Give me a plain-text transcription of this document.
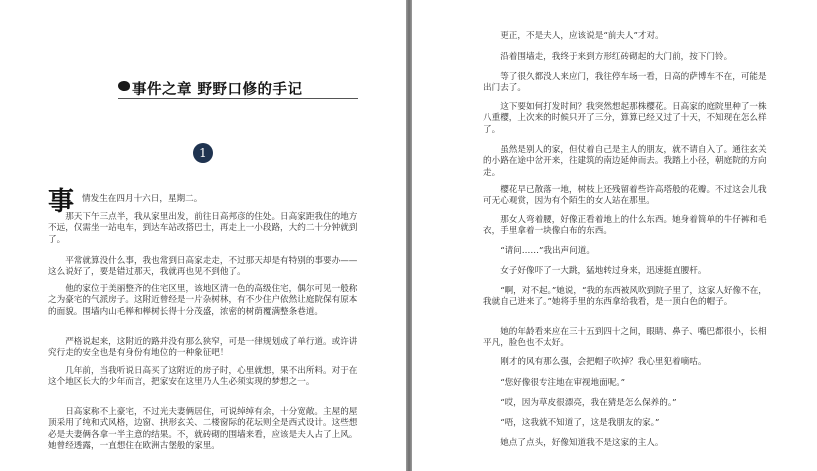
事件之章 野野口修的手记
1
事 情发生在四月十六日，星期二。

那天下午三点半，我从家里出发，前往日高邦彦的住处。日高家距我住的地方不远，仅需坐一站电车，到达车站改搭巴士，再走上一小段路，大约二十分钟就到了。

平常就算没什么事，我也常到日高家走走，不过那天却是有特别的事要办——这么说好了，要是错过那天，我就再也见不到他了。

他的家位于美丽整齐的住宅区里，该地区清一色的高级住宅，偶尔可见一般称之为豪宅的气派房子。这附近曾经是一片杂树林，有不少住户依然让庭院保有原本的面貌。围墙内山毛榉和榉树长得十分茂盛，浓密的树荫覆满整条巷道。

严格说起来，这附近的路并没有那么狭窄，可是一律规划成了单行道。或许讲究行走的安全也是有身份有地位的一种象征吧！

几年前，当我听说日高买了这附近的房子时，心里就想，果不出所料。对于在这个地区长大的少年而言，把家安在这里乃人生必须实现的梦想之一。

日高家称不上豪宅，不过光夫妻俩居住，可说绰绰有余，十分宽敞。主屋的屋顶采用了纯和式风格，边窗、拱形玄关、二楼窗际的花坛则全是西式设计。这些想必是夫妻俩各拿一半主意的结果。不，就砖砌的围墙来看，应该是夫人占了上风。她曾经透露，一直想住在欧洲古堡般的家里。

更正，不是夫人，应该说是“前夫人”才对。

沿着围墙走，我终于来到方形红砖砌起的大门前，按下门铃。

等了很久都没人来应门，我往停车场一看，日高的萨博车不在，可能是出门去了。

这下要如何打发时间？我突然想起那株樱花。日高家的庭院里种了一株八重樱，上次来的时候只开了三分，算算已经又过了十天，不知现在怎么样了。

虽然是别人的家，但仗着自己是主人的朋友，就不请自入了。通往玄关的小路在途中岔开来，往建筑的南边延伸而去。我踏上小径，朝庭院的方向走。

樱花早已散落一地，树枝上还残留着些许高塔般的花瓣。不过这会儿我可无心观赏，因为有个陌生的女人站在那里。

那女人弯着腰，好像正看着地上的什么东西。她身着简单的牛仔裤和毛衣，手里拿着一块像白布的东西。

“请问……”我出声问道。

女子好像吓了一大跳，猛地转过身来，迅速挺直腰杆。

“啊，对不起。”她说，“我的东西被风吹到院子里了，这家人好像不在，我就自己进来了。”她将手里的东西拿给我看，是一顶白色的帽子。

她的年龄看来应在三十五到四十之间，眼睛、鼻子、嘴巴都很小，长相平凡，脸色也不太好。

刚才的风有那么强，会把帽子吹掉？我心里犯着嘀咕。

“您好像很专注地在审视地面呢。”

“哎，因为草皮很漂亮，我在猜是怎么保养的。”

“唔，这我就不知道了，这是我朋友的家。”

她点了点头，好像知道我不是这家的主人。
